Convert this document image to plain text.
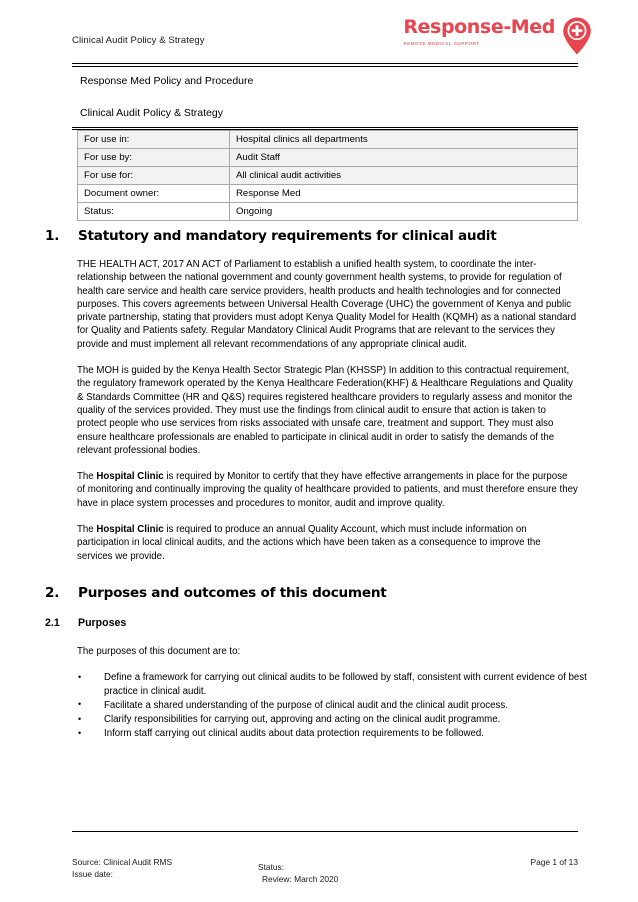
Clinical Audit Policy & Strategy
Response-Med
REMOTE MEDICAL SUPPORT
Response Med Policy and Procedure
Clinical Audit Policy & Strategy
For use in:	Hospital clinics all departments
For use by:	Audit Staff
For use for:	All clinical audit activities
Document owner:	Response Med
Status:	Ongoing
1.	Statutory and mandatory requirements for clinical audit

THE HEALTH ACT, 2017 AN ACT of Parliament to establish a unified health system, to coordinate the inter-relationship between the national government and county government health systems, to provide for regulation of health care service and health care service providers, health products and health technologies and for connected purposes. This covers agreements between Universal Health Coverage (UHC) the government of Kenya and public private partnership, stating that providers must adopt Kenya Quality Model for Health (KQMH) as a national standard for Quality and Patients safety. Regular Mandatory Clinical Audit Programs that are relevant to the services they provide and must implement all relevant recommendations of any appropriate clinical audit.

The MOH is guided by the Kenya Health Sector Strategic Plan (KHSSP) In addition to this contractual requirement, the regulatory framework operated by the Kenya Healthcare Federation(KHF) & Healthcare Regulations and Quality & Standards Committee (HR and Q&S) requires registered healthcare providers to regularly assess and monitor the quality of the services provided. They must use the findings from clinical audit to ensure that action is taken to protect people who use services from risks associated with unsafe care, treatment and support. They must also ensure healthcare professionals are enabled to participate in clinical audit in order to satisfy the demands of the relevant professional bodies.

The Hospital Clinic is required by Monitor to certify that they have effective arrangements in place for the purpose of monitoring and continually improving the quality of healthcare provided to patients, and must therefore ensure they have in place system processes and procedures to monitor, audit and improve quality.

The Hospital Clinic is required to produce an annual Quality Account, which must include information on participation in local clinical audits, and the actions which have been taken as a consequence to improve the services we provide.

2.	Purposes and outcomes of this document
2.1	Purposes

The purposes of this document are to:

• Define a framework for carrying out clinical audits to be followed by staff, consistent with current evidence of best practice in clinical audit.
• Facilitate a shared understanding of the purpose of clinical audit and the clinical audit process.
• Clarify responsibilities for carrying out, approving and acting on the clinical audit programme.
• Inform staff carrying out clinical audits about data protection requirements to be followed.
Source: Clinical Audit RMS
Issue date:
Status:
Review: March 2020
Page 1 of 13
